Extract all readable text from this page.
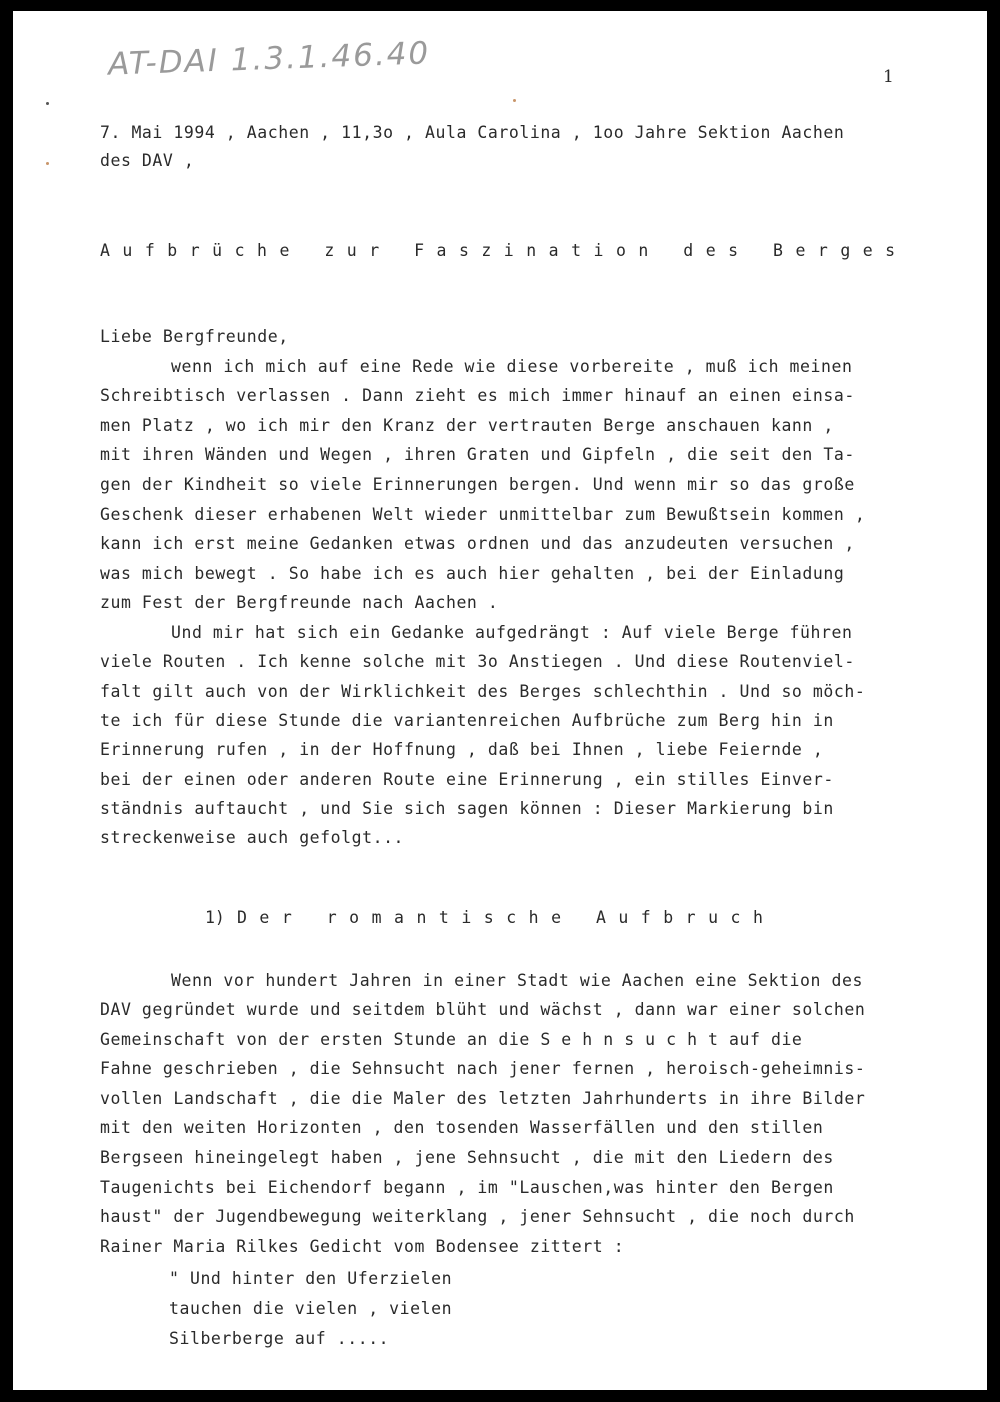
AT-DAI 1.3.1.46.40	1
7. Mai 1994 , Aachen , 11,3o , Aula Carolina , 1oo Jahre Sektion Aachen
des DAV ,
Aufbrüche zur Faszination des Berges
Liebe Bergfreunde,
wenn ich mich auf eine Rede wie diese vorbereite , muß ich meinen
Schreibtisch verlassen . Dann zieht es mich immer hinauf an einen einsa-
men Platz , wo ich mir den Kranz der vertrauten Berge anschauen kann ,
mit ihren Wänden und Wegen , ihren Graten und Gipfeln , die seit den Ta-
gen der Kindheit so viele Erinnerungen bergen. Und wenn mir so das große
Geschenk dieser erhabenen Welt wieder unmittelbar zum Bewußtsein kommen ,
kann ich erst meine Gedanken etwas ordnen und das anzudeuten versuchen ,
was mich bewegt . So habe ich es auch hier gehalten , bei der Einladung
zum Fest der Bergfreunde nach Aachen .
Und mir hat sich ein Gedanke aufgedrängt : Auf viele Berge führen
viele Routen . Ich kenne solche mit 3o Anstiegen . Und diese Routenviel-
falt gilt auch von der Wirklichkeit des Berges schlechthin . Und so möch-
te ich für diese Stunde die variantenreichen Aufbrüche zum Berg hin in
Erinnerung rufen , in der Hoffnung , daß bei Ihnen , liebe Feiernde ,
bei der einen oder anderen Route eine Erinnerung , ein stilles Einver-
ständnis auftaucht , und Sie sich sagen können : Dieser Markierung bin
streckenweise auch gefolgt...
1) Der romantische Aufbruch
Wenn vor hundert Jahren in einer Stadt wie Aachen eine Sektion des
DAV gegründet wurde und seitdem blüht und wächst , dann war einer solchen
Gemeinschaft von der ersten Stunde an die S e h n s u c h t auf die
Fahne geschrieben , die Sehnsucht nach jener fernen , heroisch-geheimnis-
vollen Landschaft , die die Maler des letzten Jahrhunderts in ihre Bilder
mit den weiten Horizonten , den tosenden Wasserfällen und den stillen
Bergseen hineingelegt haben , jene Sehnsucht , die mit den Liedern des
Taugenichts bei Eichendorf begann , im "Lauschen,was hinter den Bergen
haust" der Jugendbewegung weiterklang , jener Sehnsucht , die noch durch
Rainer Maria Rilkes Gedicht vom Bodensee zittert :
" Und hinter den Uferzielen
tauchen die vielen , vielen
Silberberge auf .....
